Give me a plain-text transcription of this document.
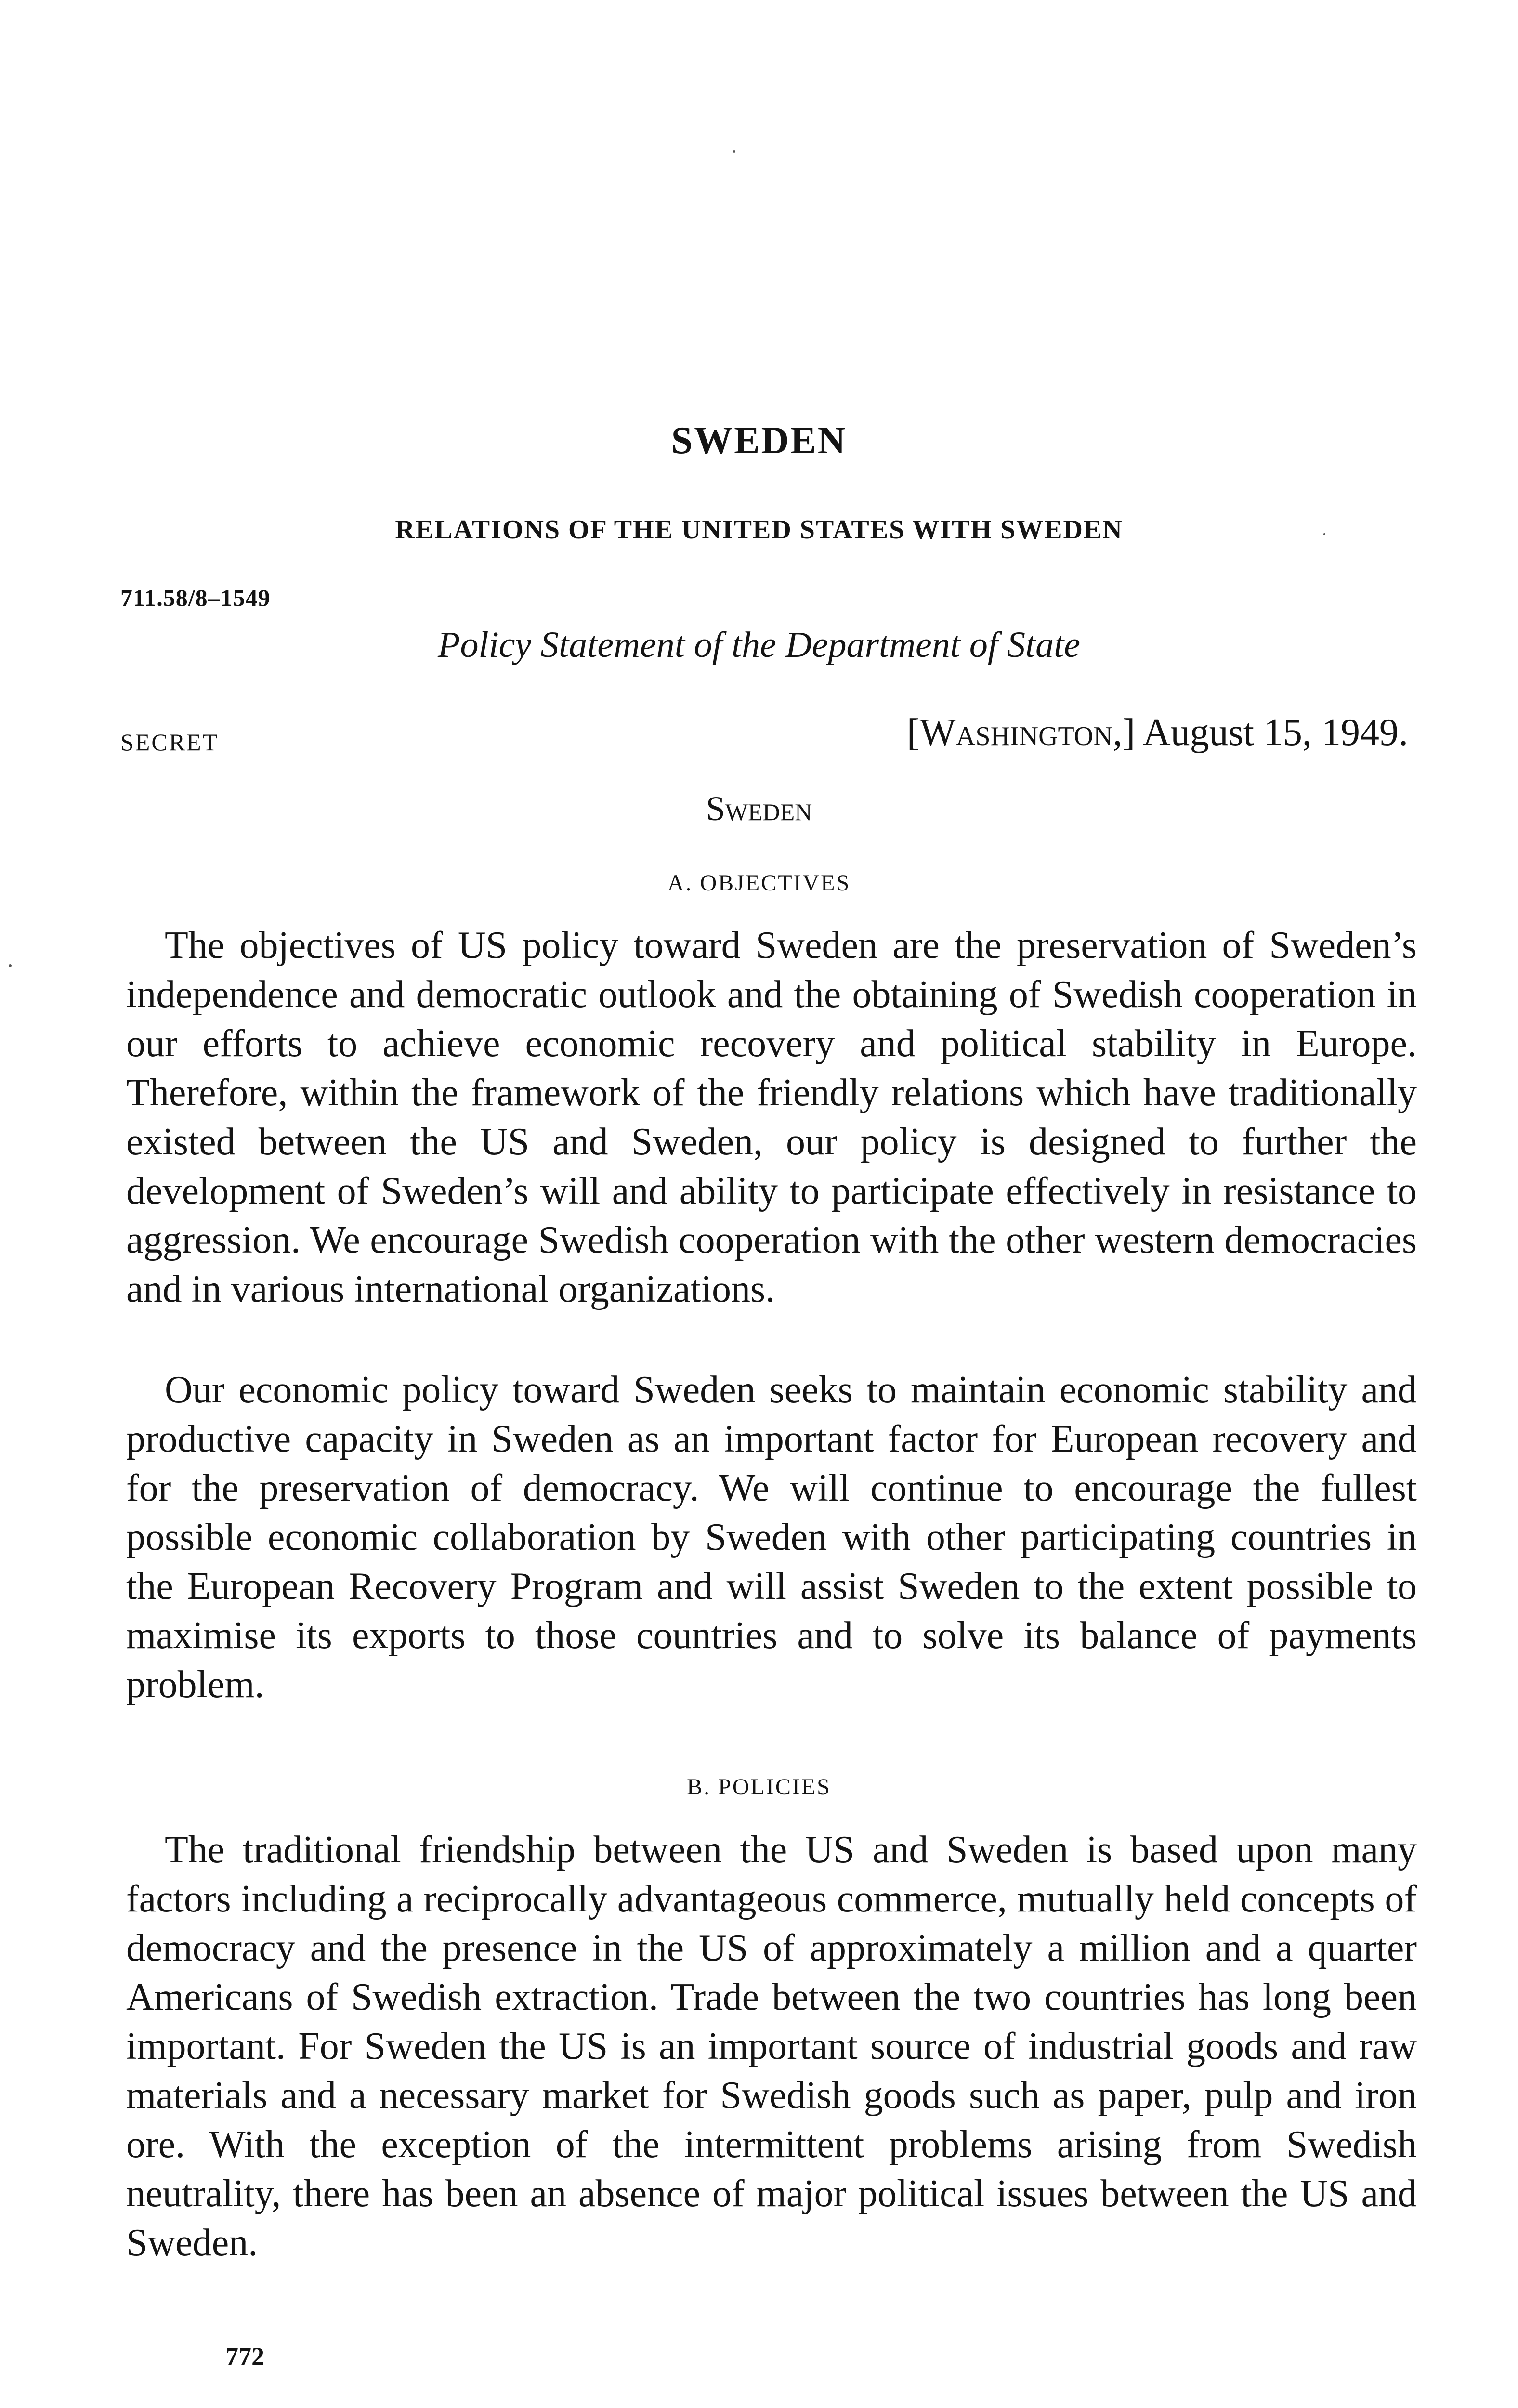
SWEDEN
RELATIONS OF THE UNITED STATES WITH SWEDEN
711.58/8–1549
Policy Statement of the Department of State
SECRET	[Washington,] August 15, 1949.
Sweden
A. OBJECTIVES

The objectives of US policy toward Sweden are the preservation of Sweden’s independence and democratic outlook and the obtaining of Swedish cooperation in our efforts to achieve economic recovery and political stability in Europe. Therefore, within the framework of the friendly relations which have traditionally existed between the US and Sweden, our policy is designed to further the development of Sweden’s will and ability to participate effectively in resistance to aggression. We encourage Swedish cooperation with the other western democracies and in various international organizations.

Our economic policy toward Sweden seeks to maintain economic stability and productive capacity in Sweden as an important factor for European recovery and for the preservation of democracy. We will continue to encourage the fullest possible economic collaboration by Sweden with other participating countries in the European Recovery Program and will assist Sweden to the extent possible to maximise its exports to those countries and to solve its balance of payments problem.

B. POLICIES

The traditional friendship between the US and Sweden is based upon many factors including a reciprocally advantageous commerce, mutually held concepts of democracy and the presence in the US of approximately a million and a quarter Americans of Swedish extraction. Trade between the two countries has long been important. For Sweden the US is an important source of industrial goods and raw materials and a necessary market for Swedish goods such as paper, pulp and iron ore. With the exception of the intermittent problems arising from Swedish neutrality, there has been an absence of major political issues between the US and Sweden.

772
